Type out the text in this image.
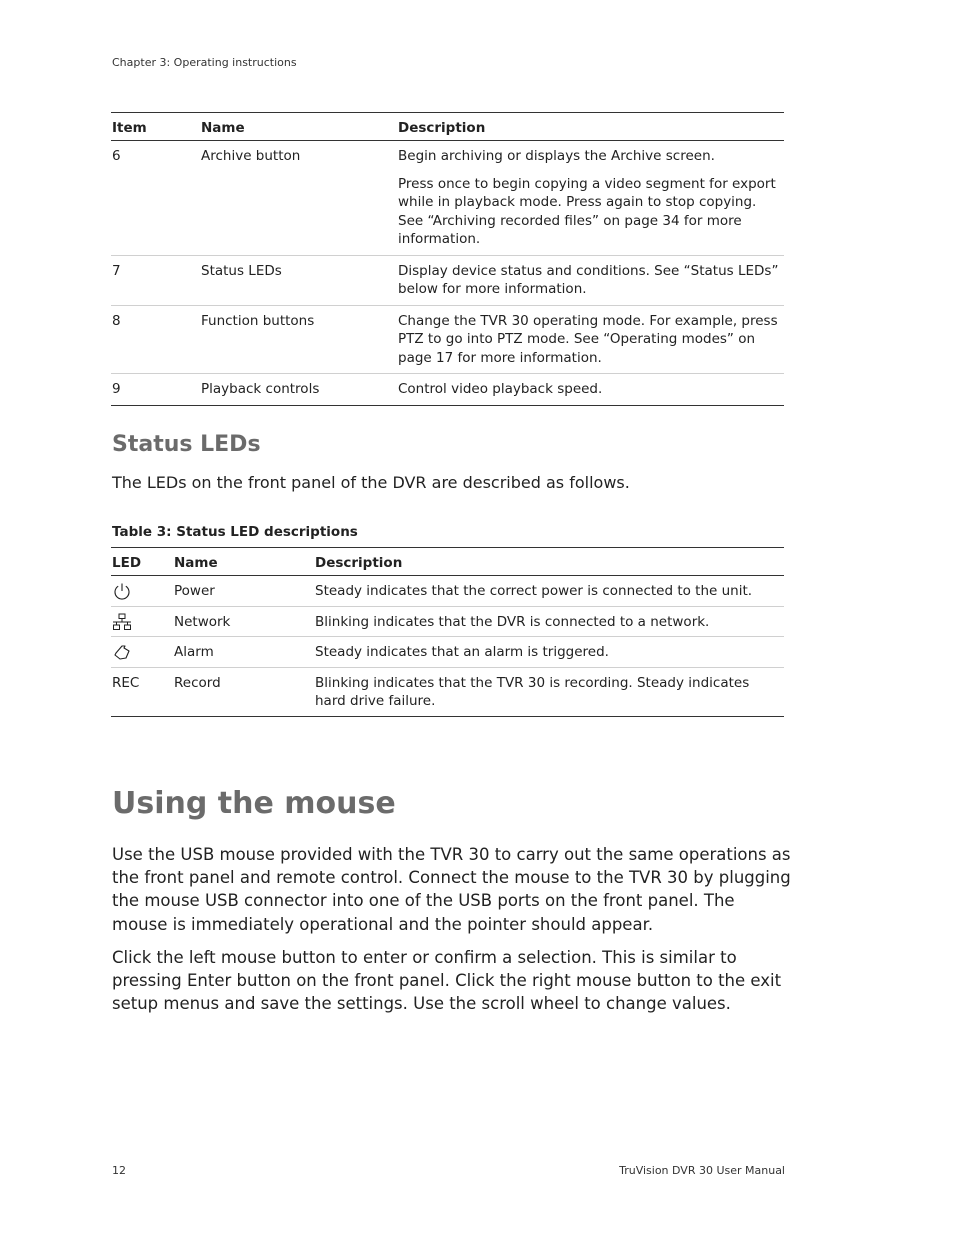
Chapter 3: Operating instructions
Item	Name	Description
6	Archive button	Begin archiving or displays the Archive screen.

Press once to begin copying a video segment for export while in playback mode. Press again to stop copying. See “Archiving recorded files” on page 34 for more information.

7	Status LEDs	Display device status and conditions. See “Status LEDs” below for more information.

8	Function buttons	Change the TVR 30 operating mode. For example, press PTZ to go into PTZ mode. See “Operating modes” on page 17 for more information.

9	Playback controls	Control video playback speed.

Status LEDs
The LEDs on the front panel of the DVR are described as follows.
Table 3: Status LED descriptions
LED	Name	Description

	Power	Steady indicates that the correct power is connected to the unit.

	Network	Blinking indicates that the DVR is connected to a network.

	Alarm	Steady indicates that an alarm is triggered.
REC	Record	Blinking indicates that the TVR 30 is recording. Steady indicates hard drive failure.
Using the mouse

Use the USB mouse provided with the TVR 30 to carry out the same operations as the front panel and remote control. Connect the mouse to the TVR 30 by plugging the mouse USB connector into one of the USB ports on the front panel. The mouse is immediately operational and the pointer should appear.

Click the left mouse button to enter or confirm a selection. This is similar to pressing Enter button on the front panel. Click the right mouse button to the exit setup menus and save the settings. Use the scroll wheel to change values.

12	TruVision DVR 30 User Manual
